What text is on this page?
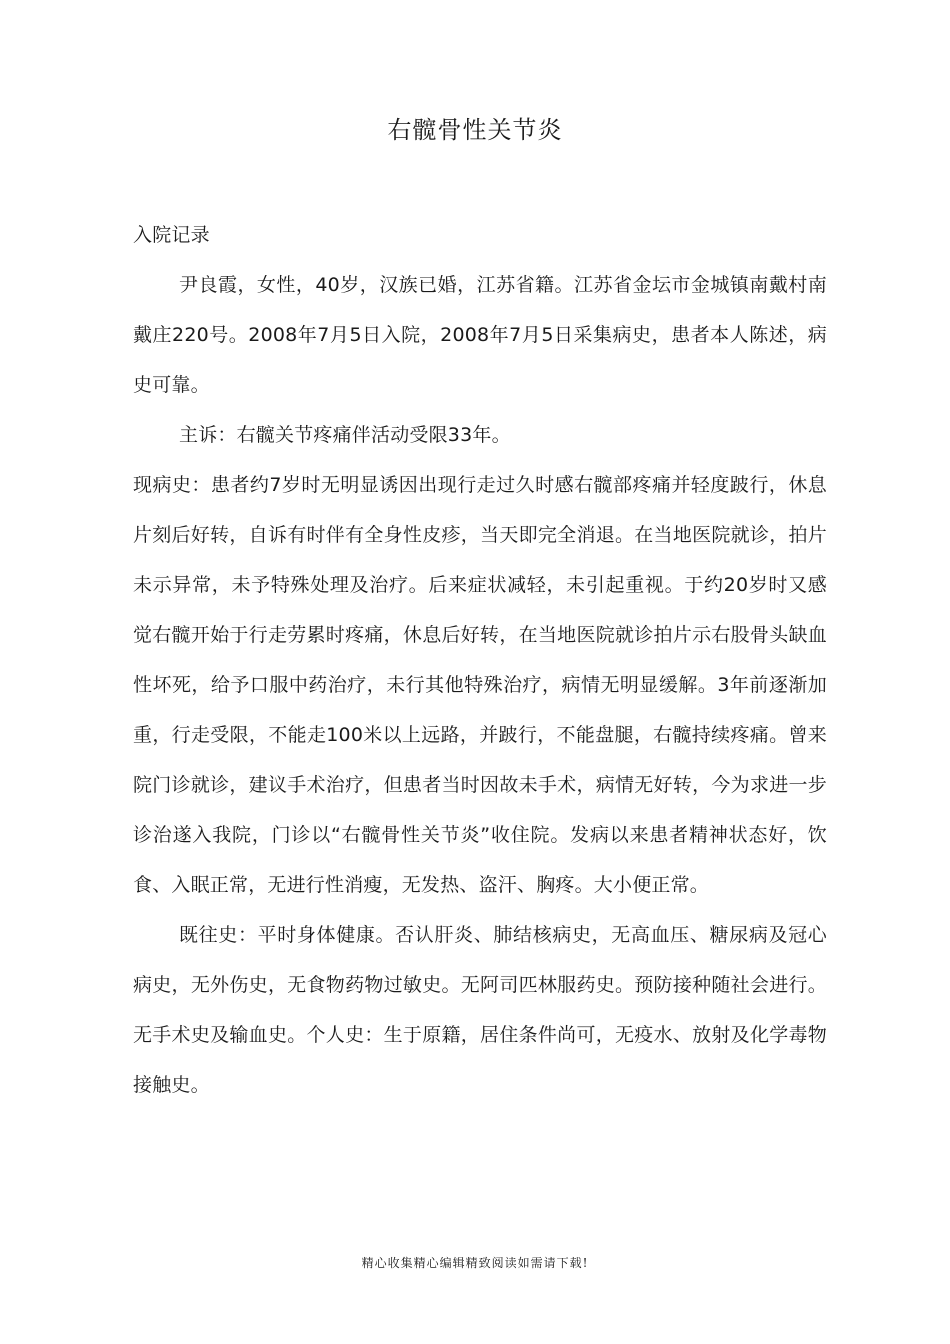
右髋骨性关节炎

入院记录

尹良霞，女性，40岁，汉族已婚，江苏省籍。江苏省金坛市金城镇南戴村南戴庄220号。2008年7月5日入院，2008年7月5日采集病史，患者本人陈述，病史可靠。

主诉：右髋关节疼痛伴活动受限33年。

现病史：患者约7岁时无明显诱因出现行走过久时感右髋部疼痛并轻度跛行，休息片刻后好转，自诉有时伴有全身性皮疹，当天即完全消退。在当地医院就诊，拍片未示异常，未予特殊处理及治疗。后来症状减轻，未引起重视。于约20岁时又感觉右髋开始于行走劳累时疼痛，休息后好转，在当地医院就诊拍片示右股骨头缺血性坏死，给予口服中药治疗，未行其他特殊治疗，病情无明显缓解。3年前逐渐加重，行走受限，不能走100米以上远路，并跛行，不能盘腿，右髋持续疼痛。曾来院门诊就诊，建议手术治疗，但患者当时因故未手术，病情无好转，今为求进一步诊治遂入我院，门诊以“右髋骨性关节炎”收住院。发病以来患者精神状态好，饮食、入眠正常，无进行性消瘦，无发热、盗汗、胸疼。大小便正常。

既往史：平时身体健康。否认肝炎、肺结核病史，无高血压、糖尿病及冠心病史，无外伤史，无食物药物过敏史。无阿司匹林服药史。预防接种随社会进行。无手术史及输血史。个人史：生于原籍，居住条件尚可，无疫水、放射及化学毒物接触史。

精心收集精心编辑精致阅读如需请下载!
